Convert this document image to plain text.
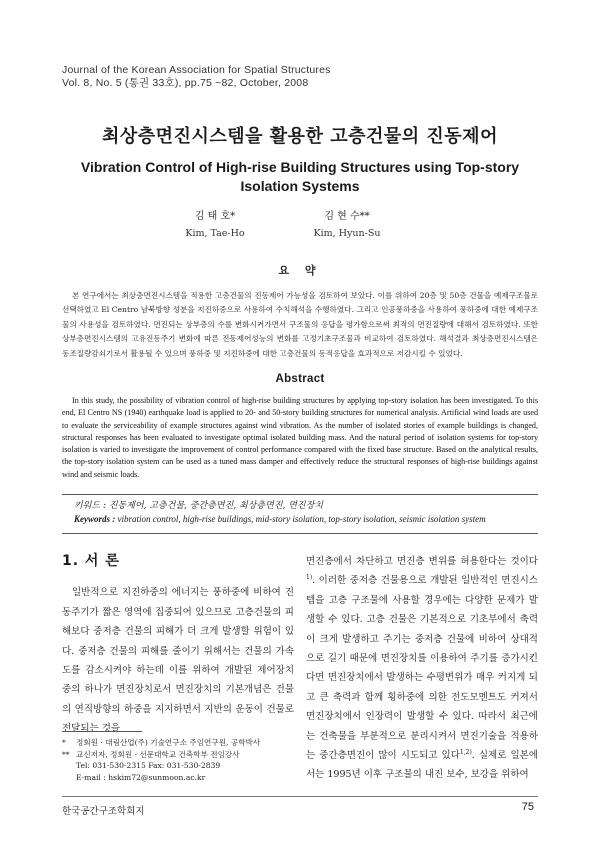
Journal of the Korean Association for Spatial Structures
Vol. 8, No. 5 (통권 33호), pp.75 ~82, October, 2008
최상층면진시스템을 활용한 고층건물의 진동제어
Vibration Control of High-rise Building Structures using Top-story Isolation Systems
김 태 호*
Kim, Tae-Ho
김 현 수**
Kim, Hyun-Su
요 약
본 연구에서는 최상층면진시스템을 적용한 고층건물의 진동제어 가능성을 검토하여 보았다. 이를 위하여 20층 및 50층 건물을 예제구조물로 선택하였고 El Centro 남북방향 성분을 지진하중으로 사용하여 수치해석을 수행하였다. 그리고 인공풍하중을 사용하여 풍하중에 대한 예제구조물의 사용성을 검토하였다. 면진되는 상부층의 수를 변화시켜가면서 구조물의 응답을 평가함으로써 최적의 면진질량에 대해서 검토하였다. 또한 상부층면진시스템의 고유진동주기 변화에 따른 진동제어성능의 변화를 고정기초구조물과 비교하여 검토하였다. 해석결과 최상층면진시스템은 동조질량감쇠기로서 활용될 수 있으며 풍하중 및 지진하중에 대한 고층건물의 동적응답을 효과적으로 저감시킬 수 있었다.
Abstract
In this study, the possibility of vibration control of high-rise building structures by applying top-story isolation has been investigated. To this end, El Centro NS (1940) earthquake load is applied to 20- and 50-story building structures for numerical analysis. Artificial wind loads are used to evaluate the serviceability of example structures against wind vibration. As the number of isolated stories of example buildings is changed, structural responses has been evaluated to investigate optimal isolated building mass. And the natural period of isolation systems for top-story isolation is varied to investigate the improvement of control performance compared with the fixed base structure. Based on the analytical results, the top-story isolation system can be used as a tuned mass damper and effectively reduce the structural responses of high-rise buildings against wind and seismic loads.
키워드 : 진동제어, 고층건물, 중간층면진, 최상층면진, 면진장치
Keywords : vibration control, high-rise buildings, mid-story isolation, top-story isolation, seismic isolation system
1. 서 론

일반적으로 지진하중의 에너지는 풍하중에 비하여 진동주기가 짧은 영역에 집중되어 있으므로 고층건물의 피해보다 중저층 건물의 피해가 더 크게 발생할 위험이 있다. 중저층 건물의 피해를 줄이기 위해서는 건물의 가속도를 감소시켜야 하는데 이를 위하여 개발된 제어장치 중의 하나가 면진장치로서 면진장치의 기본개념은 건물의 연직방향의 하중을 지지하면서 지반의 운동이 건물로 전달되는 것을

면진층에서 차단하고 면진층 변위를 허용한다는 것이다$^{1)}$. 이러한 중저층 건물용으로 개발된 일반적인 면진시스템을 고층 구조물에 사용할 경우에는 다양한 문제가 발생할 수 있다. 고층 건물은 기본적으로 기초부에서 축력이 크게 발생하고 주기는 중저층 건물에 비하여 상대적으로 길기 때문에 면진장치를 이용하여 주기를 증가시킨다면 면진장치에서 발생하는 수평변위가 매우 커지게 되고 큰 축력과 함께 횡하중에 의한 전도모멘트도 커져서 면진장치에서 인장력이 발생할 수 있다. 따라서 최근에는 건축물을 부분적으로 분리시켜서 면진기술을 적용하는 중간층면진이 많이 시도되고 있다$^{1,2)}$. 실제로 일본에서는 1995년 이후 구조물의 내진 보수, 보강을 위하여

*	정회원 · 대림산업(주) 기술연구소 주임연구원, 공학박사
** 교신저자, 정회원 · 선문대학교 건축학부 전임강사
Tel: 031-530-2315 Fax: 031-530-2839
E-mail : hskim72@sunmoon.ac.kr
한국공간구조학회지	75
